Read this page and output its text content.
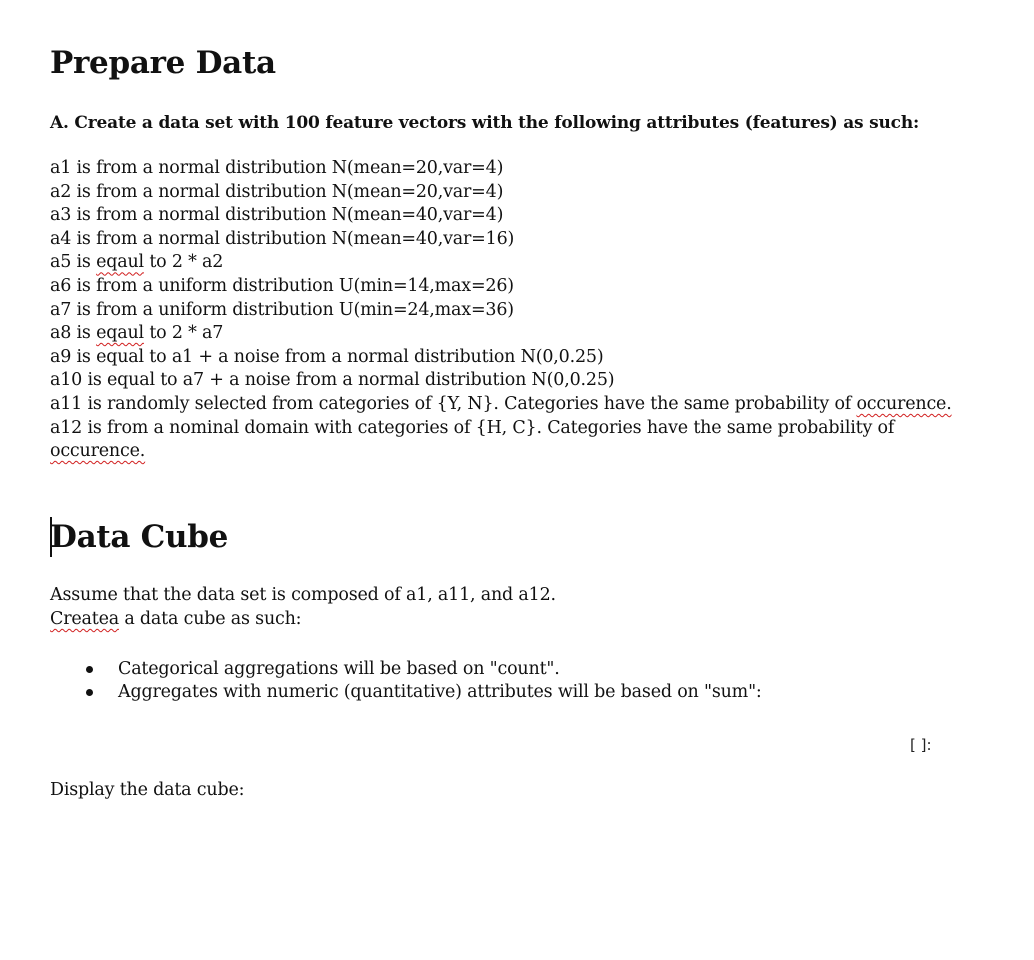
Prepare Data

A. Create a data set with 100 feature vectors with the following attributes (features) as such:

a1 is from a normal distribution N(mean=20,var=4)
a2 is from a normal distribution N(mean=20,var=4)
a3 is from a normal distribution N(mean=40,var=4)
a4 is from a normal distribution N(mean=40,var=16)
a5 is eqaul to 2 * a2
a6 is from a uniform distribution U(min=14,max=26)
a7 is from a uniform distribution U(min=24,max=36)
a8 is eqaul to 2 * a7
a9 is equal to a1 + a noise from a normal distribution N(0,0.25)
a10 is equal to a7 + a noise from a normal distribution N(0,0.25)
a11 is randomly selected from categories of {Y, N}. Categories have the same probability of occurence.
a12 is from a nominal domain with categories of {H, C}. Categories have the same probability of
occurence.
Data Cube

Assume that the data set is composed of a1, a11, and a12.

Createa a data cube as such:

Categorical aggregations will be based on "count".
Aggregates with numeric (quantitative) attributes will be based on "sum":
[ ]:

Display the data cube:
